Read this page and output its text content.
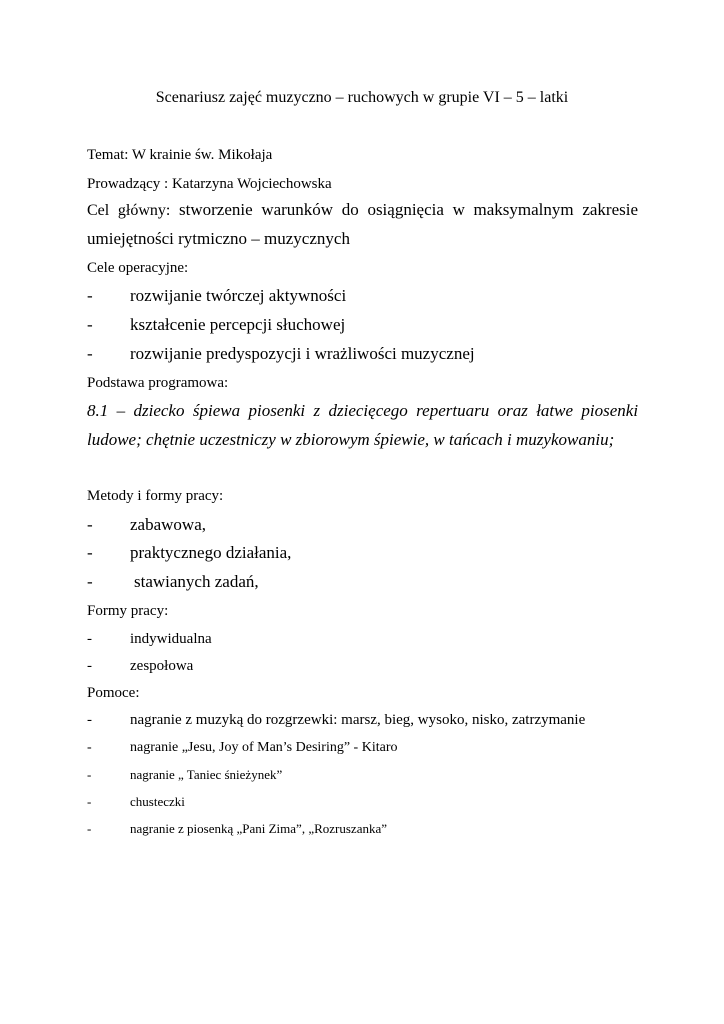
Scenariusz zajęć muzyczno – ruchowych w grupie VI – 5 – latki
Temat: W krainie św. Mikołaja
Prowadzący : Katarzyna Wojciechowska
Cel główny: stworzenie warunków do osiągnięcia w maksymalnym zakresie
umiejętności rytmiczno – muzycznych
Cele operacyjne:
- rozwijanie twórczej aktywności
- kształcenie percepcji słuchowej
- rozwijanie predyspozycji i wrażliwości muzycznej
Podstawa programowa:
8.1 – dziecko śpiewa piosenki z dziecięcego repertuaru oraz łatwe piosenki
ludowe; chętnie uczestniczy w zbiorowym śpiewie, w tańcach i muzykowaniu;
Metody i formy pracy:
- zabawowa,
- praktycznego działania,
- stawianych zadań,
Formy pracy:
-	indywidualna
-	zespołowa
Pomoce:
-	nagranie z muzyką do rozgrzewki: marsz, bieg, wysoko, nisko, zatrzymanie
-	nagranie „Jesu, Joy of Man’s Desiring” - Kitaro
-	nagranie „ Taniec śnieżynek”
-	chusteczki
-	nagranie z piosenką „Pani Zima”, „Rozruszanka”
